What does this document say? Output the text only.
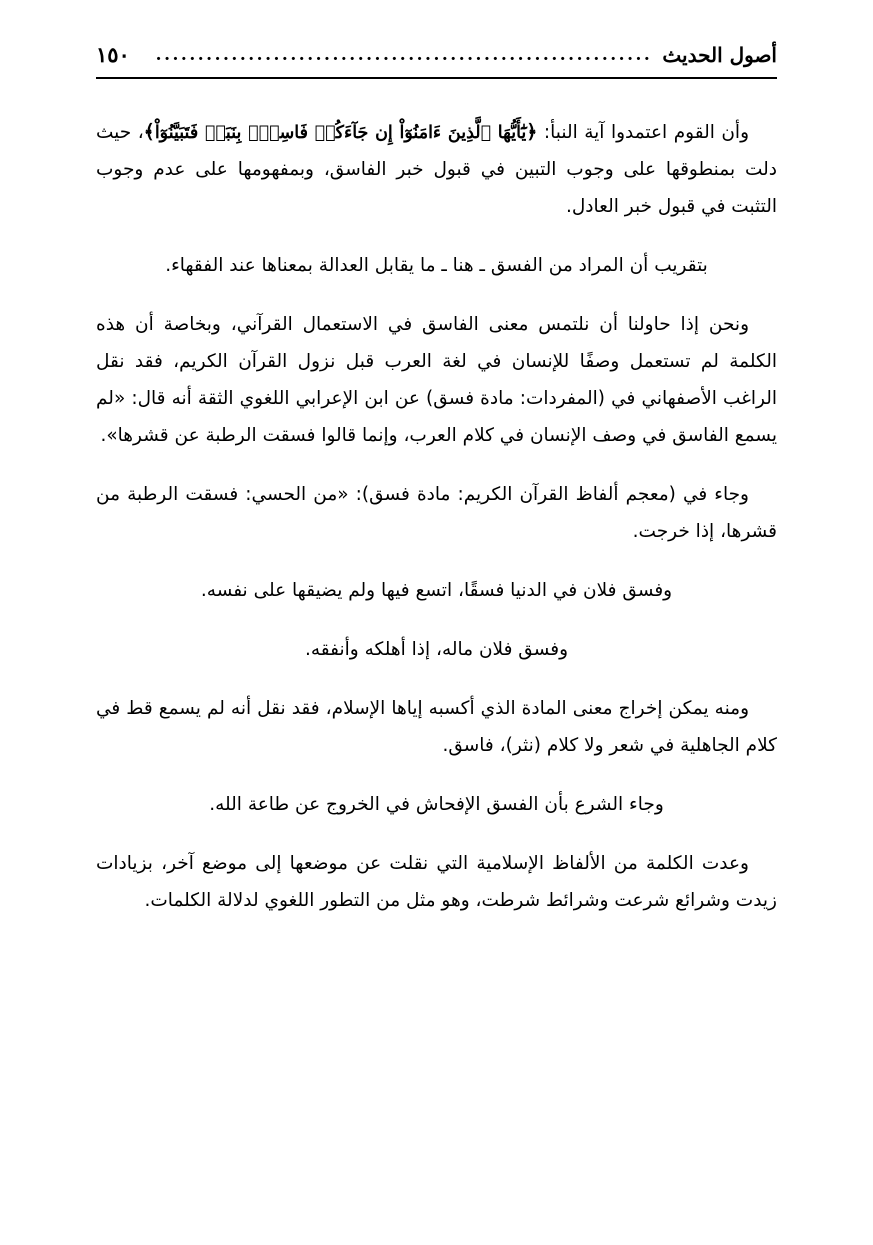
أصول الحديث
...........................................................
١٥٠

وأن القوم اعتمدوا آية النبأ: ﴿يَٰٓأَيُّهَا ٱلَّذِينَ ءَامَنُوٓاْ إِن جَآءَكُمۡ فَاسِقُۢ بِنَبَإٖ فَتَبَيَّنُوٓاْ﴾، حيث دلت بمنطوقها على وجوب التبين في قبول خبر الفاسق، وبمفهومها على عدم وجوب التثبت في قبول خبر العادل.

بتقريب أن المراد من الفسق ـ هنا ـ ما يقابل العدالة بمعناها عند الفقهاء.

ونحن إذا حاولنا أن نلتمس معنى الفاسق في الاستعمال القرآني، وبخاصة أن هذه الكلمة لم تستعمل وصفًا للإنسان في لغة العرب قبل نزول القرآن الكريم، فقد نقل الراغب الأصفهاني في (المفردات: مادة فسق) عن ابن الإعرابي اللغوي الثقة أنه قال: «لم يسمع الفاسق في وصف الإنسان في كلام العرب، وإنما قالوا فسقت الرطبة عن قشرها».

وجاء في (معجم ألفاظ القرآن الكريم: مادة فسق): «من الحسي: فسقت الرطبة من قشرها، إذا خرجت.

وفسق فلان في الدنيا فسقًا، اتسع فيها ولم يضيقها على نفسه.

وفسق فلان ماله، إذا أهلكه وأنفقه.

ومنه يمكن إخراج معنى المادة الذي أكسبه إياها الإسلام، فقد نقل أنه لم يسمع قط في كلام الجاهلية في شعر ولا كلام (نثر)، فاسق.

وجاء الشرع بأن الفسق الإفحاش في الخروج عن طاعة الله.

وعدت الكلمة من الألفاظ الإسلامية التي نقلت عن موضعها إلى موضع آخر، بزيادات زيدت وشرائع شرعت وشرائط شرطت، وهو مثل من التطور اللغوي لدلالة الكلمات.
